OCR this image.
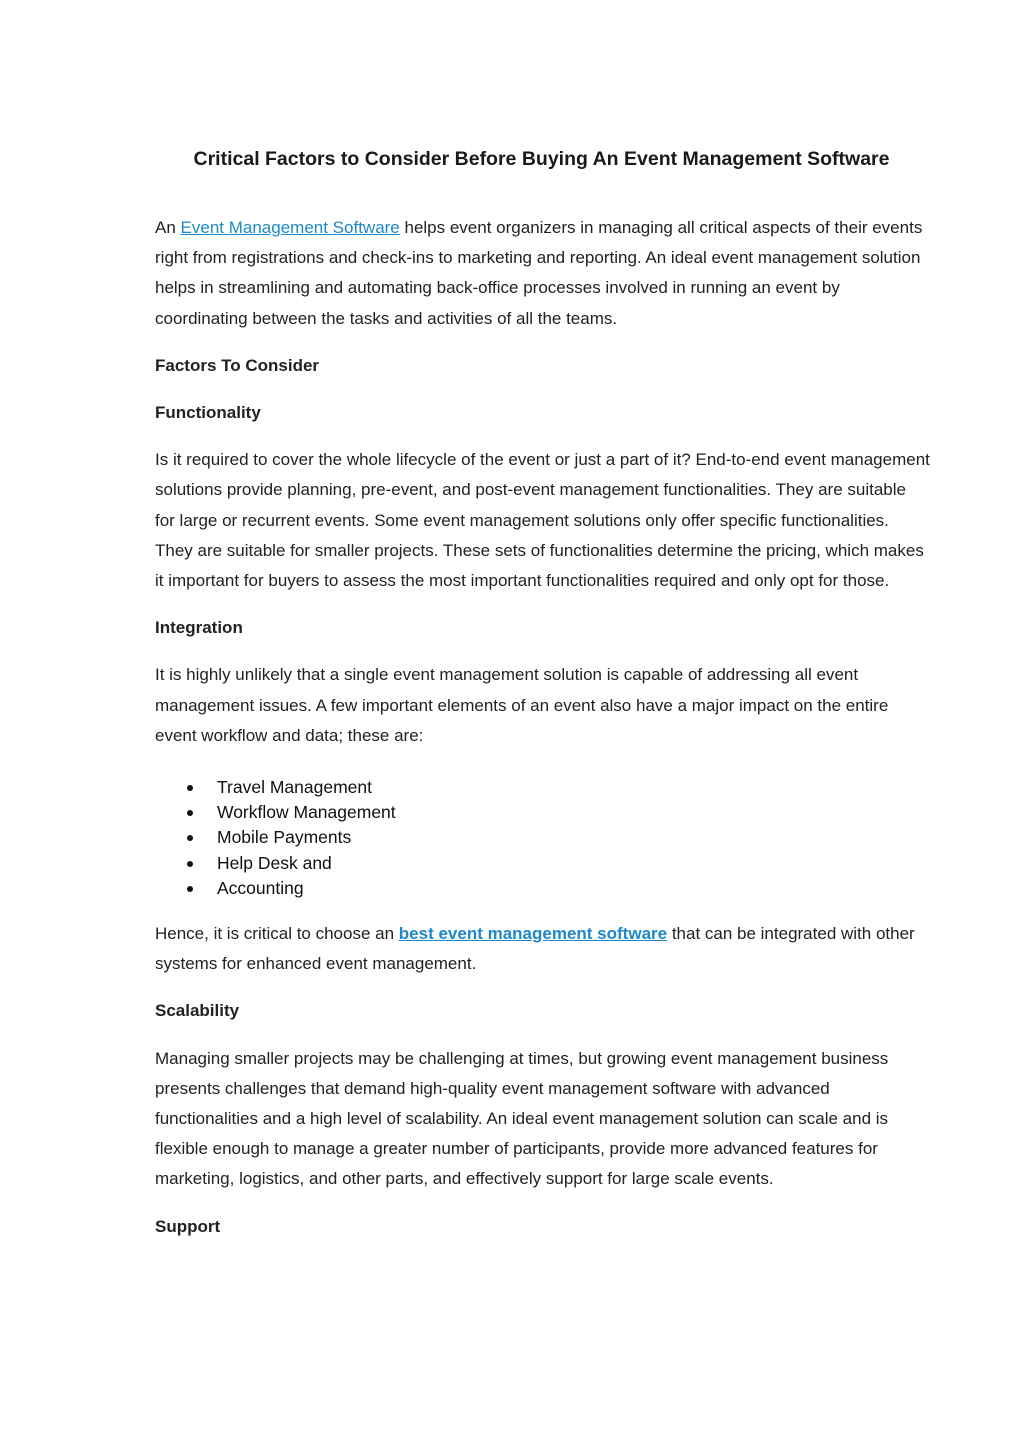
Critical Factors to Consider Before Buying An Event Management Software

An Event Management Software helps event organizers in managing all critical aspects of their events right from registrations and check-ins to marketing and reporting. An ideal event management solution helps in streamlining and automating back-office processes involved in running an event by coordinating between the tasks and activities of all the teams.

Factors To Consider

Functionality

Is it required to cover the whole lifecycle of the event or just a part of it? End-to-end event management solutions provide planning, pre-event, and post-event management functionalities. They are suitable for large or recurrent events. Some event management solutions only offer specific functionalities. They are suitable for smaller projects. These sets of functionalities determine the pricing, which makes it important for buyers to assess the most important functionalities required and only opt for those.

Integration

It is highly unlikely that a single event management solution is capable of addressing all event management issues. A few important elements of an event also have a major impact on the entire event workflow and data; these are:

Travel Management
Workflow Management
Mobile Payments
Help Desk and
Accounting

Hence, it is critical to choose an best event management software that can be integrated with other systems for enhanced event management.

Scalability

Managing smaller projects may be challenging at times, but growing event management business presents challenges that demand high-quality event management software with advanced functionalities and a high level of scalability. An ideal event management solution can scale and is flexible enough to manage a greater number of participants, provide more advanced features for marketing, logistics, and other parts, and effectively support for large scale events.

Support
